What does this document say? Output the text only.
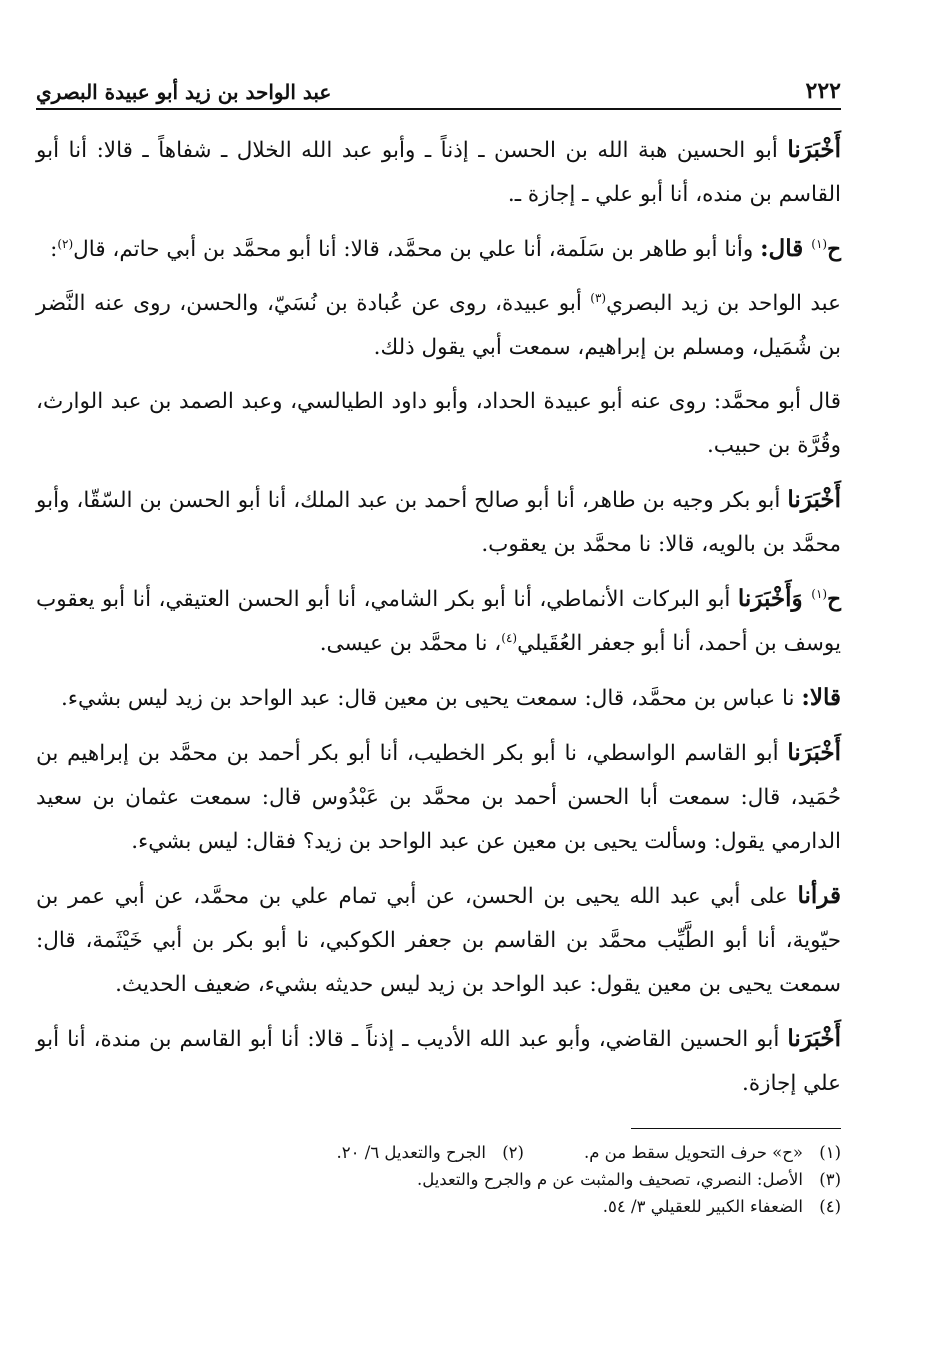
٢٢٢
عبد الواحد بن زيد أبو عبيدة البصري

أَخْبَرَنا أبو الحسين هبة الله بن الحسن ـ إذناً ـ وأبو عبد الله الخلال ـ شفاهاً ـ قالا: أنا أبو القاسم بن منده، أنا أبو علي ـ إجازة ـ.

ح$^{(١)}$ قال: وأنا أبو طاهر بن سَلَمة، أنا علي بن محمَّد، قالا: أنا أبو محمَّد بن أبي حاتم، قال$^{(٢)}$:

عبد الواحد بن زيد البصري$^{(٣)}$ أبو عبيدة، روى عن عُبادة بن نُسَيّ، والحسن، روى عنه النَّضر بن شُمَيل، ومسلم بن إبراهيم، سمعت أبي يقول ذلك.

قال أبو محمَّد: روى عنه أبو عبيدة الحداد، وأبو داود الطيالسي، وعبد الصمد بن عبد الوارث، وقُرَّة بن حبيب.

أَخْبَرَنا أبو بكر وجيه بن طاهر، أنا أبو صالح أحمد بن عبد الملك، أنا أبو الحسن بن السّقّا، وأبو محمَّد بن بالويه، قالا: نا محمَّد بن يعقوب.

ح$^{(١)}$ وَأَخْبَرَنا أبو البركات الأنماطي، أنا أبو بكر الشامي، أنا أبو الحسن العتيقي، أنا أبو يعقوب يوسف بن أحمد، أنا أبو جعفر العُقَيلي$^{(٤)}$، نا محمَّد بن عيسى.

قالا: نا عباس بن محمَّد، قال: سمعت يحيى بن معين قال: عبد الواحد بن زيد ليس بشيء.

أَخْبَرَنا أبو القاسم الواسطي، نا أبو بكر الخطيب، أنا أبو بكر أحمد بن محمَّد بن إبراهيم بن حُمَيد، قال: سمعت أبا الحسن أحمد بن محمَّد بن عَبْدُوس قال: سمعت عثمان بن سعيد الدارمي يقول: وسألت يحيى بن معين عن عبد الواحد بن زيد؟ فقال: ليس بشيء.

قرأنا على أبي عبد الله يحيى بن الحسن، عن أبي تمام علي بن محمَّد، عن أبي عمر بن حيّوية، أنا أبو الطَّيِّب محمَّد بن القاسم بن جعفر الكوكبي، نا أبو بكر بن أبي خَيْثَمة، قال: سمعت يحيى بن معين يقول: عبد الواحد بن زيد ليس حديثه بشيء، ضعيف الحديث.

أَخْبَرَنا أبو الحسين القاضي، وأبو عبد الله الأديب ـ إذناً ـ قالا: أنا أبو القاسم بن مندة، أنا أبو علي إجازة.

(١)«ح» حرف التحويل سقط من م.
(٢)الجرح والتعديل ٦/ ٢٠.
(٣)الأصل: النصري، تصحيف والمثبت عن م والجرح والتعديل.
(٤)الضعفاء الكبير للعقيلي ٣/ ٥٤.
